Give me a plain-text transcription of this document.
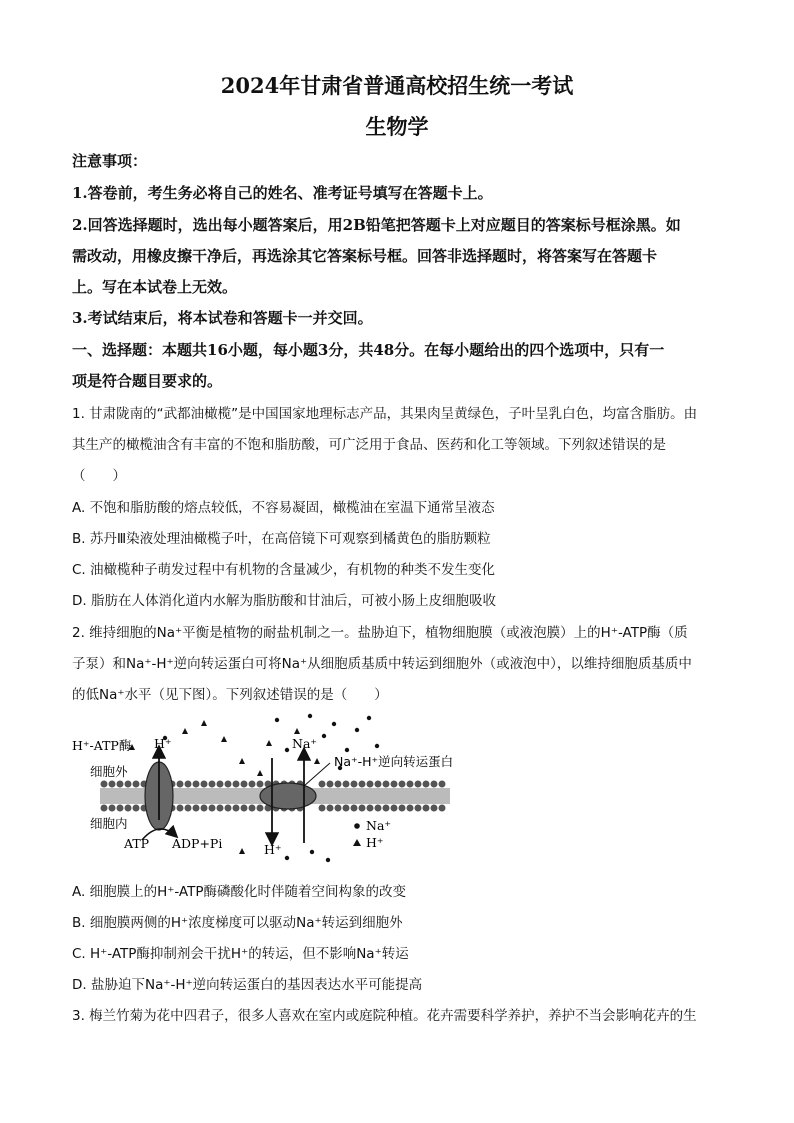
2024年甘肃省普通高校招生统一考试
生物学
注意事项：
1.答卷前，考生务必将自己的姓名、准考证号填写在答题卡上。
2.回答选择题时，选出每小题答案后，用2B铅笔把答题卡上对应题目的答案标号框涂黑。如
需改动，用橡皮擦干净后，再选涂其它答案标号框。回答非选择题时，将答案写在答题卡
上。写在本试卷上无效。
3.考试结束后，将本试卷和答题卡一并交回。
一、选择题：本题共16小题，每小题3分，共48分。在每小题给出的四个选项中，只有一
项是符合题目要求的。
1. 甘肃陇南的“武都油橄榄”是中国国家地理标志产品，其果肉呈黄绿色，子叶呈乳白色，均富含脂肪。由
其生产的橄榄油含有丰富的不饱和脂肪酸，可广泛用于食品、医药和化工等领域。下列叙述错误的是
（　　）
A. 不饱和脂肪酸的熔点较低，不容易凝固，橄榄油在室温下通常呈液态
B. 苏丹Ⅲ染液处理油橄榄子叶，在高倍镜下可观察到橘黄色的脂肪颗粒
C. 油橄榄种子萌发过程中有机物的含量减少，有机物的种类不发生变化
D. 脂肪在人体消化道内水解为脂肪酸和甘油后，可被小肠上皮细胞吸收
2. 维持细胞的Na⁺平衡是植物的耐盐机制之一。盐胁迫下，植物细胞膜（或液泡膜）上的H⁺-ATP酶（质
子泵）和Na⁺-H⁺逆向转运蛋白可将Na⁺从细胞质基质中转运到细胞外（或液泡中），以维持细胞质基质中
的低Na⁺水平（见下图）。下列叙述错误的是（　　）
H⁺-ATP酶 H⁺	Na⁺
Na⁺-H⁺逆向转运蛋白
细胞外
细胞内
ATP ADP+Pi	H⁺
Na⁺
H⁺
A. 细胞膜上的H⁺-ATP酶磷酸化时伴随着空间构象的改变
B. 细胞膜两侧的H⁺浓度梯度可以驱动Na⁺转运到细胞外
C. H⁺-ATP酶抑制剂会干扰H⁺的转运，但不影响Na⁺转运
D. 盐胁迫下Na⁺-H⁺逆向转运蛋白的基因表达水平可能提高
3. 梅兰竹菊为花中四君子，很多人喜欢在室内或庭院种植。花卉需要科学养护，养护不当会影响花卉的生
